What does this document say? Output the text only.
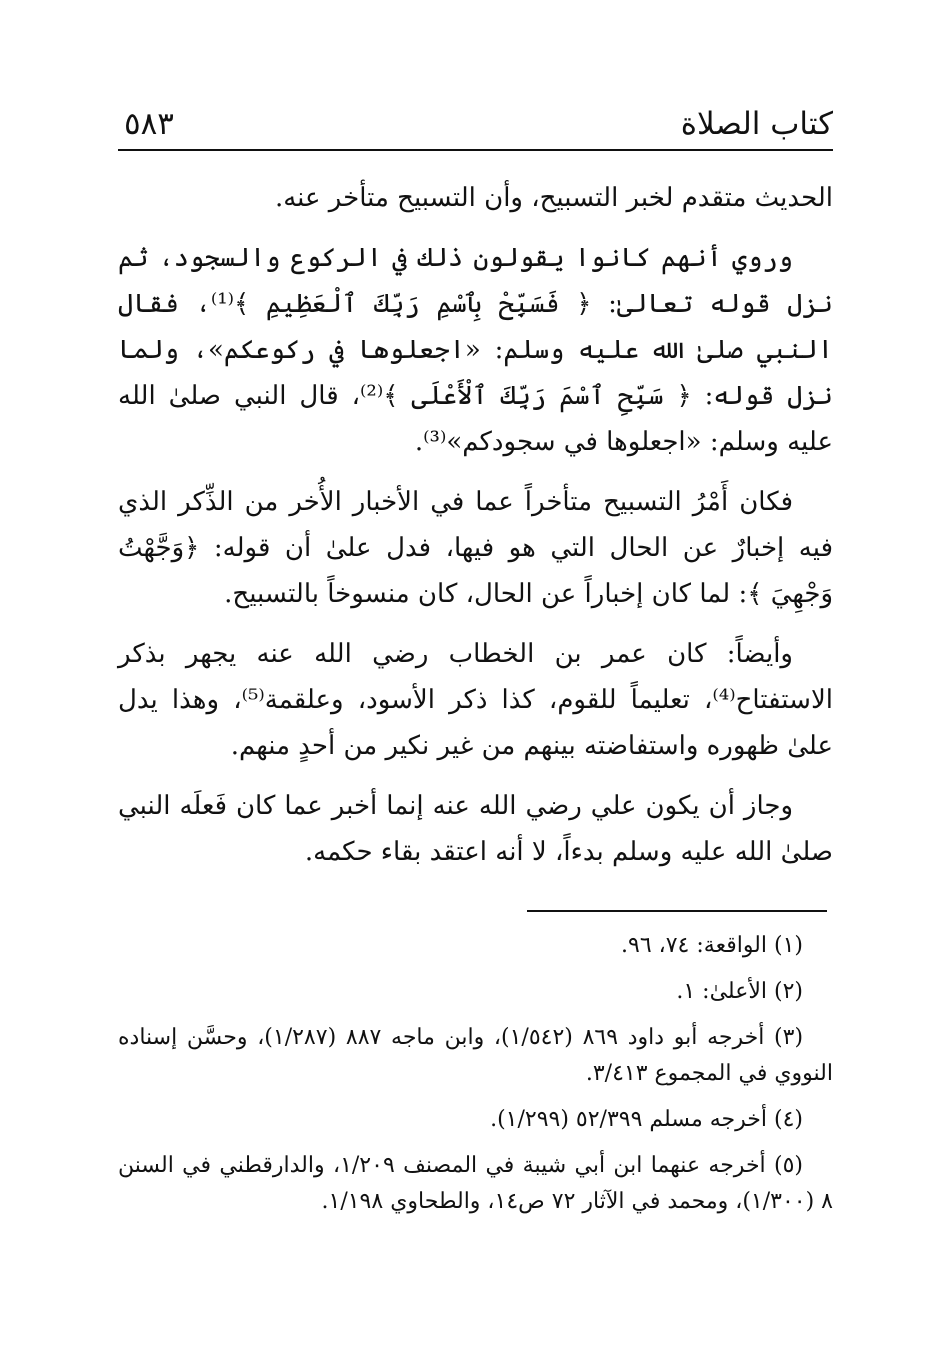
كتاب الصلاة
٥٨٣

الحديث متقدم لخبر التسبيح، وأن التسبيح متأخر عنه.

وروي أنهم كانوا يقولون ذلك في الركوع والسجود، ثم نزل قوله تعالىٰ: ﴿ فَسَبِّحْ بِٱسْمِ رَبِّكَ ٱلْعَظِيمِ ﴾⁽¹⁾، فقال النبي صلىٰ الله عليه وسلم: «اجعلوها في ركوعكم»، ولما نزل قوله: ﴿ سَبِّحِ ٱسْمَ رَبِّكَ ٱلْأَعْلَى ﴾⁽²⁾، قال النبي صلىٰ الله عليه وسلم: «اجعلوها في سجودكم»⁽³⁾.

فكان أَمْرُ التسبيح متأخراً عما في الأخبار الأُخر من الذِّكر الذي فيه إخبارٌ عن الحال التي هو فيها، فدل علىٰ أن قوله: ﴿وَجَّهْتُ وَجْهِيَ ﴾: لما كان إخباراً عن الحال، كان منسوخاً بالتسبيح.

وأيضاً: كان عمر بن الخطاب رضي الله عنه يجهر بذكر الاستفتاح⁽⁴⁾، تعليماً للقوم، كذا ذكر الأسود، وعلقمة⁽⁵⁾، وهذا يدل علىٰ ظهوره واستفاضته بينهم من غير نكير من أحدٍ منهم.

وجاز أن يكون علي رضي الله عنه إنما أخبر عما كان فَعلَه النبي صلىٰ الله عليه وسلم بدءاً، لا أنه اعتقد بقاء حكمه.

(١) الواقعة: ٧٤، ٩٦.

(٢) الأعلىٰ: ١.

(٣) أخرجه أبو داود ٨٦٩ (١/٥٤٢)، وابن ماجه ٨٨٧ (١/٢٨٧)، وحسَّن إسناده النووي في المجموع ٣/٤١٣.

(٤) أخرجه مسلم ٥٢/٣٩٩ (١/٢٩٩).

(٥) أخرجه عنهما ابن أبي شيبة في المصنف ١/٢٠٩، والدارقطني في السنن ٨ (١/٣٠٠)، ومحمد في الآثار ٧٢ ص١٤، والطحاوي ١/١٩٨.
